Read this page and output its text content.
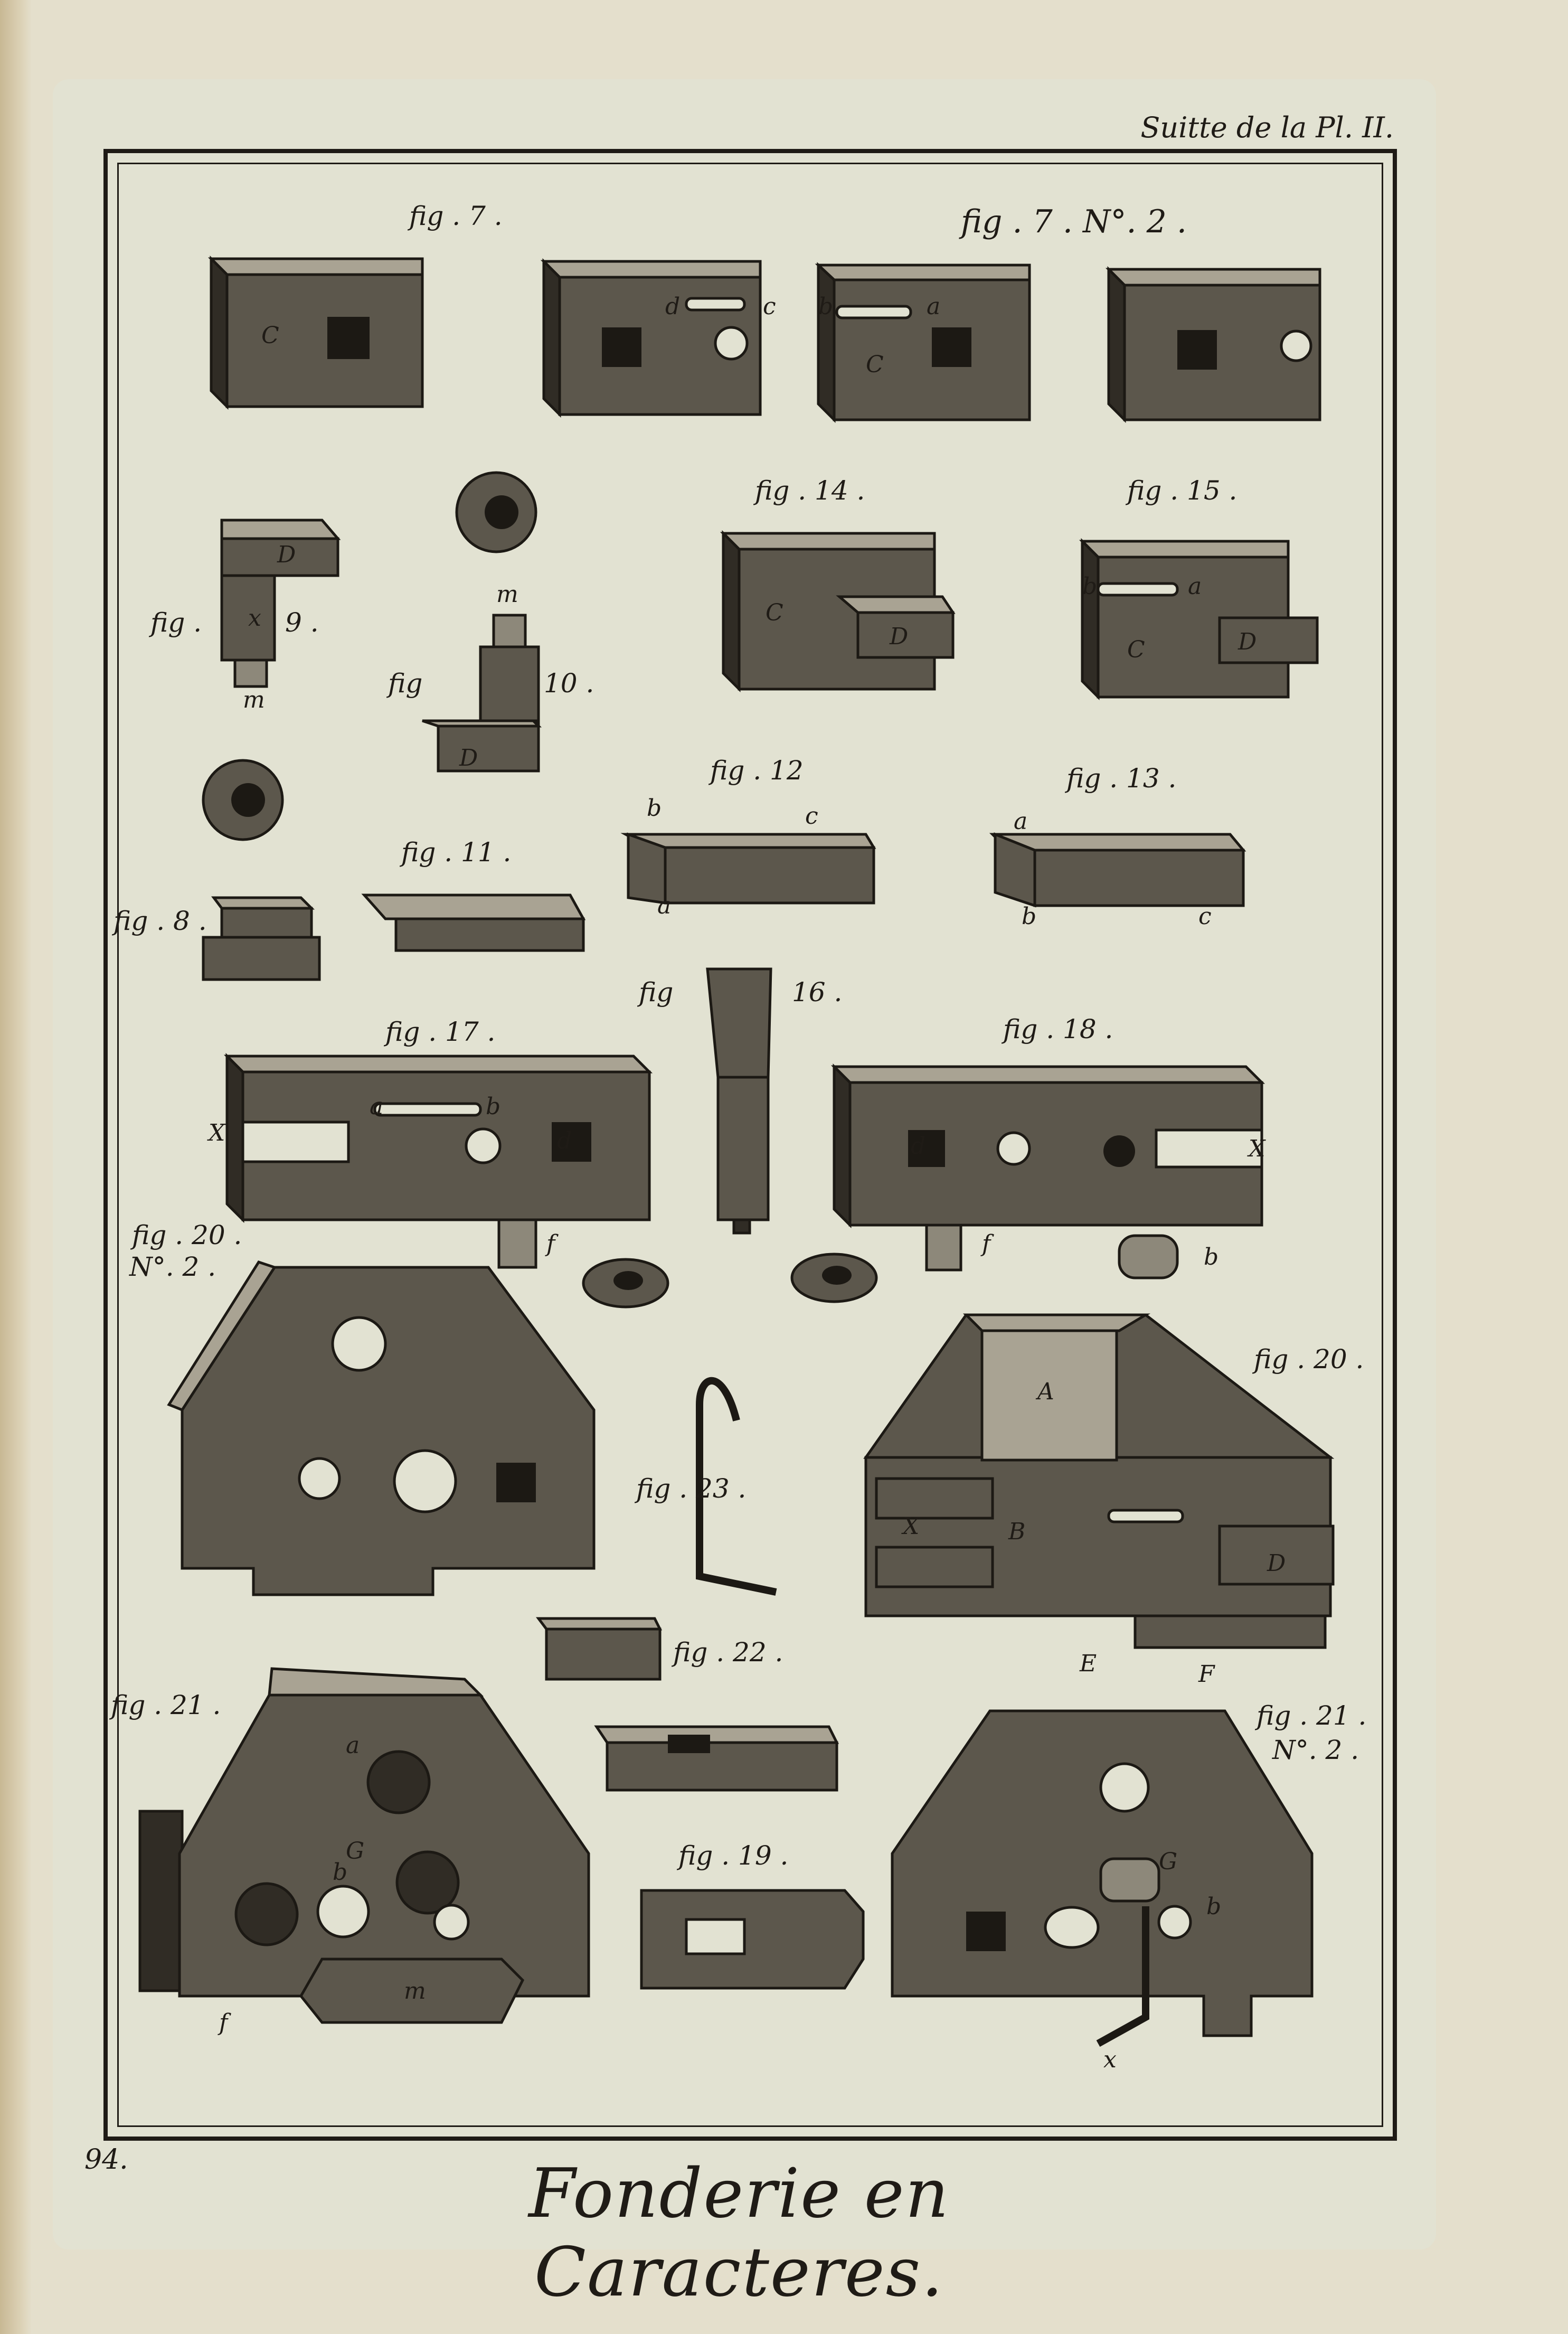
Suitte de la Pl. II.
94.	Fonderie en Caracteres.
fig . 7 .	fig . 7 . N°. 2 .
fig . 14 .	fig . 15 .
fig .	9 .
fig	10 .
fig . 12	fig . 13 .
fig . 11 .
fig . 8 .
fig	16 .
fig . 17 .	fig . 18 .
fig . 20 .
N°. 2 .
fig . 20 .
fig . 23 .
fig . 22 .
fig . 21 .	fig . 21 .
N°. 2 .
fig . 19 .
C
d	c b	a
C
C
D
b	a
C	D
D
x
m
m
D
b	c
a
a
b	c
X
a	b
d
f
d	X
f	b
A
X	B
D
E	F
a
G
b
m
f
G
b
x
